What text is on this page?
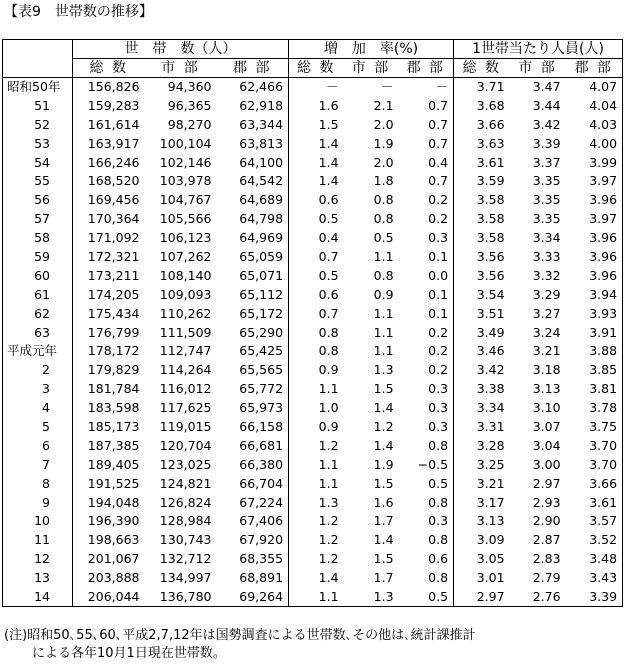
【表9　世帯数の推移】
	世　帯　数（人）			増　加　率(%)			1世帯当たり人員(人)		
	総 数	市 部	郡 部	総 数	市 部	郡 部	総 数	市 部	郡 部
昭和50年	156,826	94,360	62,466	－	－	－	3.71	3.47	4.07
51	159,283	96,365	62,918	1.6	2.1	0.7	3.68	3.44	4.04
52	161,614	98,270	63,344	1.5	2.0	0.7	3.66	3.42	4.03
53	163,917	100,104	63,813	1.4	1.9	0.7	3.63	3.39	4.00
54	166,246	102,146	64,100	1.4	2.0	0.4	3.61	3.37	3.99
55	168,520	103,978	64,542	1.4	1.8	0.7	3.59	3.35	3.97
56	169,456	104,767	64,689	0.6	0.8	0.2	3.58	3.35	3.96
57	170,364	105,566	64,798	0.5	0.8	0.2	3.58	3.35	3.97
58	171,092	106,123	64,969	0.4	0.5	0.3	3.58	3.34	3.96
59	172,321	107,262	65,059	0.7	1.1	0.1	3.56	3.33	3.96
60	173,211	108,140	65,071	0.5	0.8	0.0	3.56	3.32	3.96
61	174,205	109,093	65,112	0.6	0.9	0.1	3.54	3.29	3.94
62	175,434	110,262	65,172	0.7	1.1	0.1	3.51	3.27	3.93
63	176,799	111,509	65,290	0.8	1.1	0.2	3.49	3.24	3.91
平成元年	178,172	112,747	65,425	0.8	1.1	0.2	3.46	3.21	3.88
2	179,829	114,264	65,565	0.9	1.3	0.2	3.42	3.18	3.85
3	181,784	116,012	65,772	1.1	1.5	0.3	3.38	3.13	3.81
4	183,598	117,625	65,973	1.0	1.4	0.3	3.34	3.10	3.78
5	185,173	119,015	66,158	0.9	1.2	0.3	3.31	3.07	3.75
6	187,385	120,704	66,681	1.2	1.4	0.8	3.28	3.04	3.70
7	189,405	123,025	66,380	1.1	1.9	−0.5	3.25	3.00	3.70
8	191,525	124,821	66,704	1.1	1.5	0.5	3.21	2.97	3.66
9	194,048	126,824	67,224	1.3	1.6	0.8	3.17	2.93	3.61
10	196,390	128,984	67,406	1.2	1.7	0.3	3.13	2.90	3.57
11	198,663	130,743	67,920	1.2	1.4	0.8	3.09	2.87	3.52
12	201,067	132,712	68,355	1.2	1.5	0.6	3.05	2.83	3.48
13	203,888	134,997	68,891	1.4	1.7	0.8	3.01	2.79	3.43
14	206,044	136,780	69,264	1.1	1.3	0.5	2.97	2.76	3.39
(注)昭和50､55､60､平成2,7,12年は国勢調査による世帯数､その他は､統計課推計
による各年10月1日現在世帯数。
